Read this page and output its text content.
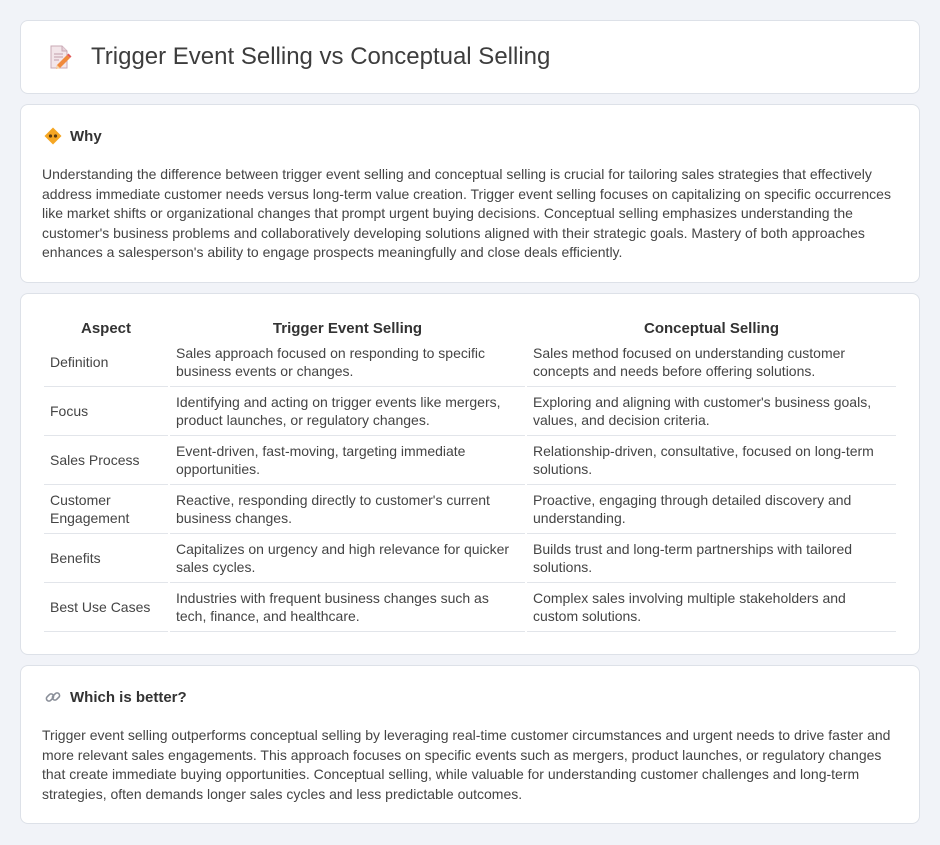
Trigger Event Selling vs Conceptual Selling
Why

Understanding the difference between trigger event selling and conceptual selling is crucial for tailoring sales strategies that effectively address immediate customer needs versus long-term value creation. Trigger event selling focuses on capitalizing on specific occurrences like market shifts or organizational changes that prompt urgent buying decisions. Conceptual selling emphasizes understanding the customer's business problems and collaboratively developing solutions aligned with their strategic goals. Mastery of both approaches enhances a salesperson's ability to engage prospects meaningfully and close deals efficiently.

Aspect	Trigger Event Selling	Conceptual Selling
Definition	Sales approach focused on responding to specific business events or changes.	Sales method focused on understanding customer concepts and needs before offering solutions.
Focus	Identifying and acting on trigger events like mergers, product launches, or regulatory changes.	Exploring and aligning with customer's business goals, values, and decision criteria.
Sales Process	Event-driven, fast-moving, targeting immediate opportunities.	Relationship-driven, consultative, focused on long-term solutions.
Customer Engagement	Reactive, responding directly to customer's current business changes.	Proactive, engaging through detailed discovery and understanding.
Benefits	Capitalizes on urgency and high relevance for quicker sales cycles.	Builds trust and long-term partnerships with tailored solutions.
Best Use Cases	Industries with frequent business changes such as tech, finance, and healthcare.	Complex sales involving multiple stakeholders and custom solutions.
Which is better?

Trigger event selling outperforms conceptual selling by leveraging real-time customer circumstances and urgent needs to drive faster and more relevant sales engagements. This approach focuses on specific events such as mergers, product launches, or regulatory changes that create immediate buying opportunities. Conceptual selling, while valuable for understanding customer challenges and long-term strategies, often demands longer sales cycles and less predictable outcomes.
